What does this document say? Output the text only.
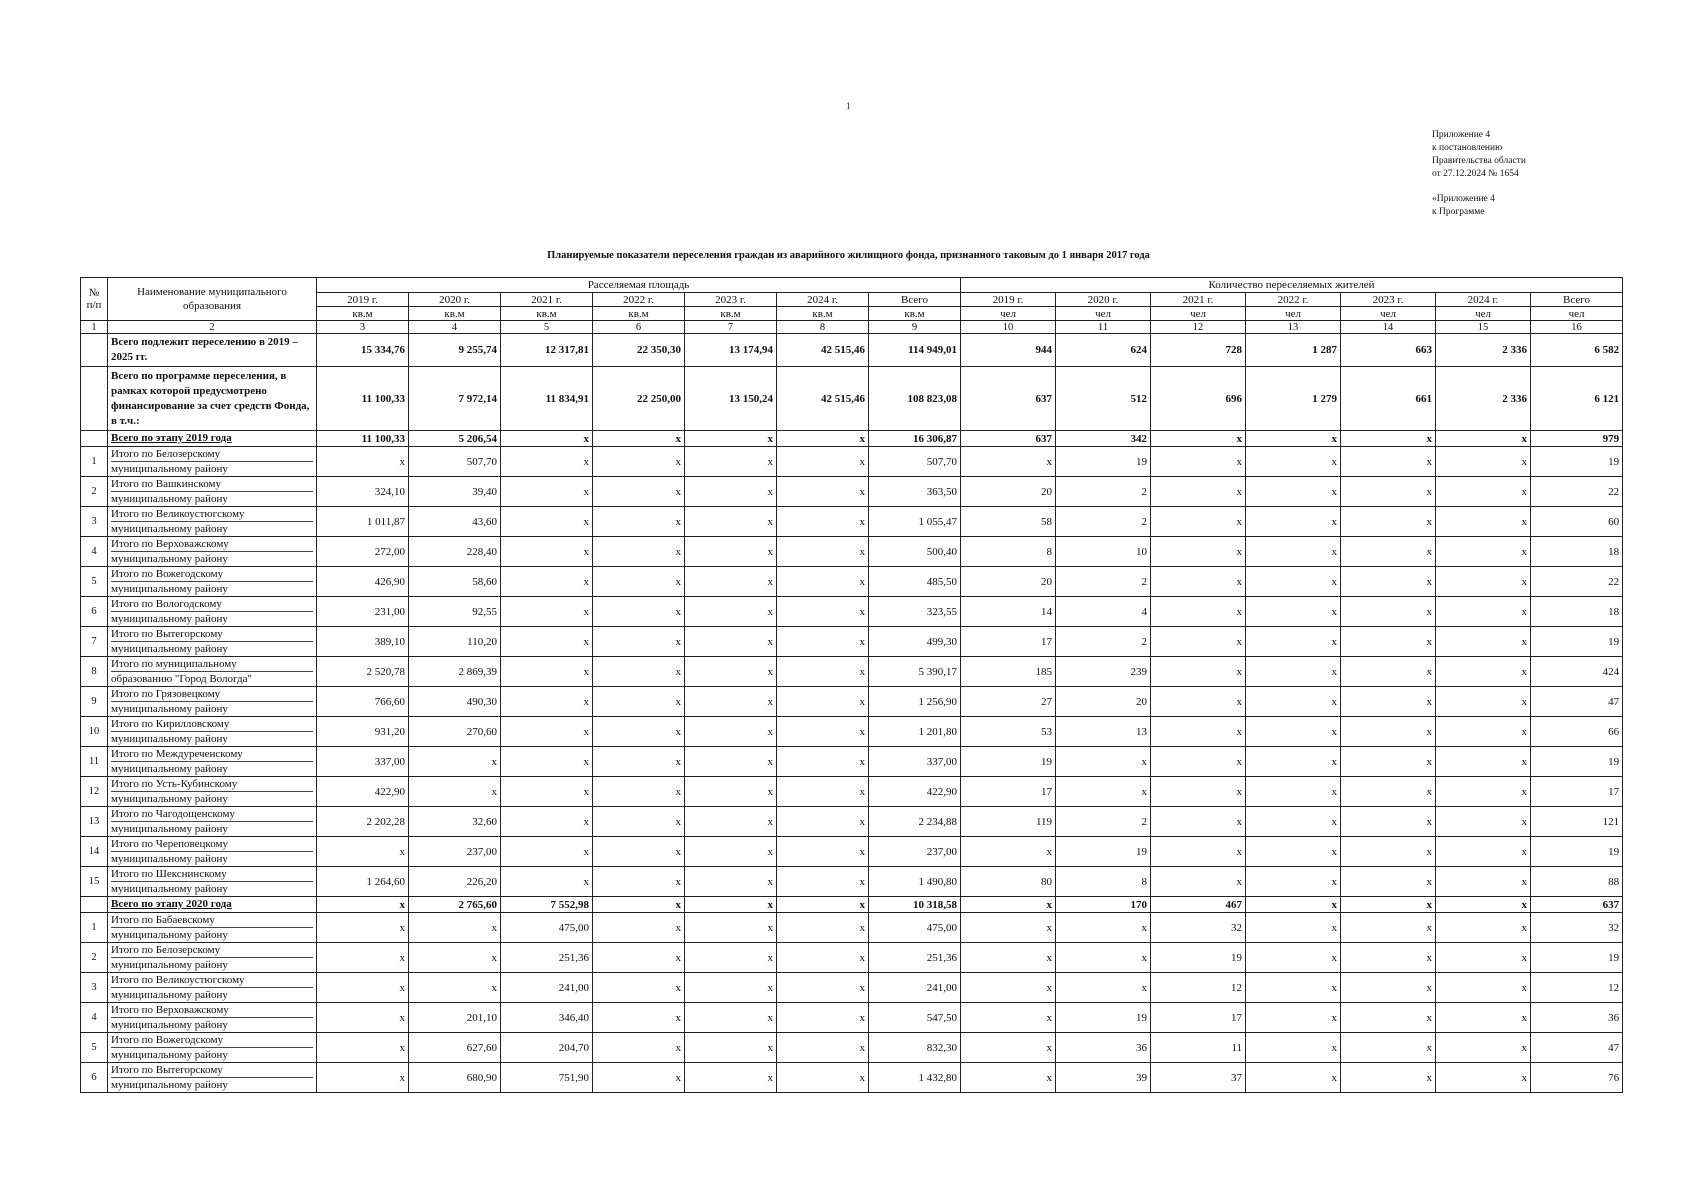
1
Приложение 4
к постановлению
Правительства области
от 27.12.2024 № 1654
«Приложение 4
к Программе
Планируемые показатели переселения граждан из аварийного жилищного фонда, признанного таковым до 1 января 2017 года
№ п/п	Наименование муниципального образования	Расселяемая площадь							Количество переселяемых жителей						
		2019 г.	2020 г.	2021 г.	2022 г.	2023 г.	2024 г.	Всего	2019 г.	2020 г.	2021 г.	2022 г.	2023 г.	2024 г.	Всего
		кв.м	кв.м	кв.м	кв.м	кв.м	кв.м	кв.м	чел	чел	чел	чел	чел	чел	чел
1	2	3	4	5	6	7	8	9	10	11	12	13	14	15	16
	Всего подлежит переселению в 2019 – 2025 гг.	15 334,76	9 255,74	12 317,81	22 350,30	13 174,94	42 515,46	114 949,01	944	624	728	1 287	663	2 336	6 582
	Всего по программе переселения, в рамках которой предусмотрено финансирование за счет средств Фонда, в т.ч.:	11 100,33	7 972,14	11 834,91	22 250,00	13 150,24	42 515,46	108 823,08	637	512	696	1 279	661	2 336	6 121
	Всего по этапу 2019 года	11 100,33	5 206,54	x	x	x	x	16 306,87	637	342	x	x	x	x	979
1	Итого по Белозерскому
муниципальному району	x	507,70	x	x	x	x	507,70	x	19	x	x	x	x	19
2	Итого по Вашкинскому
муниципальному району	324,10	39,40	x	x	x	x	363,50	20	2	x	x	x	x	22
3	Итого по Великоустюгскому
муниципальному району	1 011,87	43,60	x	x	x	x	1 055,47	58	2	x	x	x	x	60
4	Итого по Верховажскому
муниципальному району	272,00	228,40	x	x	x	x	500,40	8	10	x	x	x	x	18
5	Итого по Вожегодскому
муниципальному району	426,90	58,60	x	x	x	x	485,50	20	2	x	x	x	x	22
6	Итого по Вологодскому
муниципальному району	231,00	92,55	x	x	x	x	323,55	14	4	x	x	x	x	18
7	Итого по Вытегорскому
муниципальному району	389,10	110,20	x	x	x	x	499,30	17	2	x	x	x	x	19
8	Итого по муниципальному
образованию "Город Вологда"	2 520,78	2 869,39	x	x	x	x	5 390,17	185	239	x	x	x	x	424
9	Итого по Грязовецкому
муниципальному району	766,60	490,30	x	x	x	x	1 256,90	27	20	x	x	x	x	47
10	Итого по Кирилловскому
муниципальному району	931,20	270,60	x	x	x	x	1 201,80	53	13	x	x	x	x	66
11	Итого по Междуреченскому
муниципальному району	337,00	x	x	x	x	x	337,00	19	x	x	x	x	x	19
12	Итого по Усть-Кубинскому
муниципальному району	422,90	x	x	x	x	x	422,90	17	x	x	x	x	x	17
13	Итого по Чагодощенскому
муниципальному району	2 202,28	32,60	x	x	x	x	2 234,88	119	2	x	x	x	x	121
14	Итого по Череповецкому
муниципальному району	x	237,00	x	x	x	x	237,00	x	19	x	x	x	x	19
15	Итого по Шекснинскому
муниципальному району	1 264,60	226,20	x	x	x	x	1 490,80	80	8	x	x	x	x	88
	Всего по этапу 2020 года	x	2 765,60	7 552,98	x	x	x	10 318,58	x	170	467	x	x	x	637
1	Итого по Бабаевскому
муниципальному району	x	x	475,00	x	x	x	475,00	x	x	32	x	x	x	32
2	Итого по Белозерскому
муниципальному району	x	x	251,36	x	x	x	251,36	x	x	19	x	x	x	19
3	Итого по Великоустюгскому
муниципальному району	x	x	241,00	x	x	x	241,00	x	x	12	x	x	x	12
4	Итого по Верховажскому
муниципальному району	x	201,10	346,40	x	x	x	547,50	x	19	17	x	x	x	36
5	Итого по Вожегодскому
муниципальному району	x	627,60	204,70	x	x	x	832,30	x	36	11	x	x	x	47
6	Итого по Вытегорскому
муниципальному району	x	680,90	751,90	x	x	x	1 432,80	x	39	37	x	x	x	76
